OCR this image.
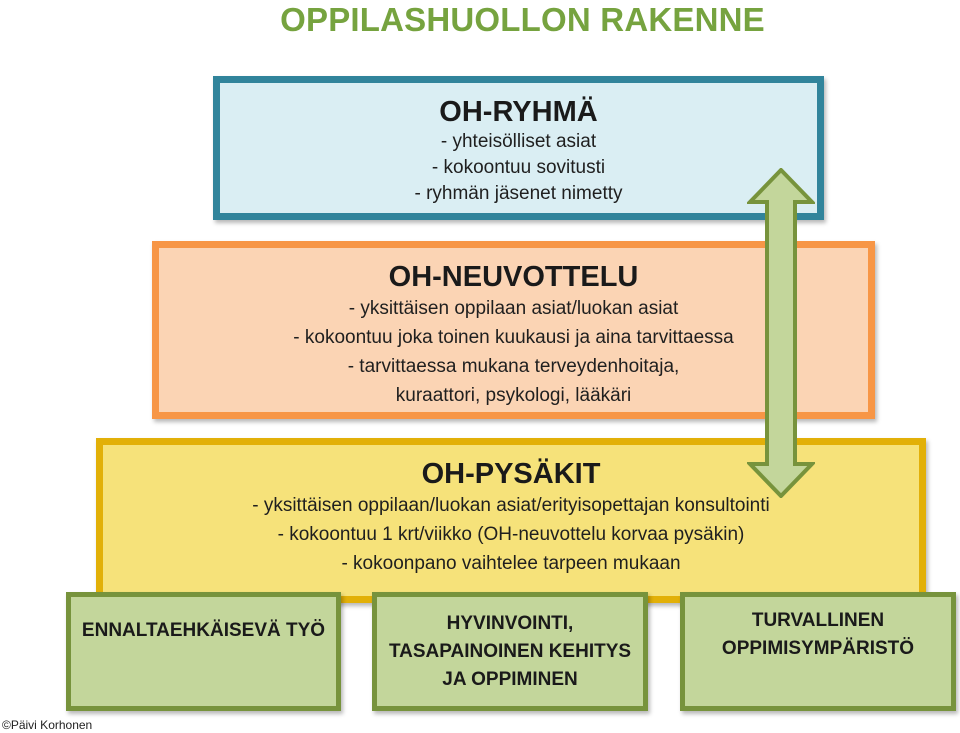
OPPILASHUOLLON RAKENNE
OH-RYHMÄ
- yhteisölliset asiat
- kokoontuu sovitusti
- ryhmän jäsenet nimetty
OH-NEUVOTTELU
- yksittäisen oppilaan asiat/luokan asiat
- kokoontuu joka toinen kuukausi ja aina tarvittaessa
- tarvittaessa mukana terveydenhoitaja,
kuraattori, psykologi, lääkäri
OH-PYSÄKIT
- yksittäisen oppilaan/luokan asiat/erityisopettajan konsultointi
- kokoontuu 1 krt/viikko (OH-neuvottelu korvaa pysäkin)
- kokoonpano vaihtelee tarpeen mukaan
ENNALTAEHKÄISEVÄ TYÖ	HYVINVOINTI,
TASAPAINOINEN KEHITYS
JA OPPIMINEN
TURVALLINEN
OPPIMISYMPÄRISTÖ
©Päivi Korhonen
